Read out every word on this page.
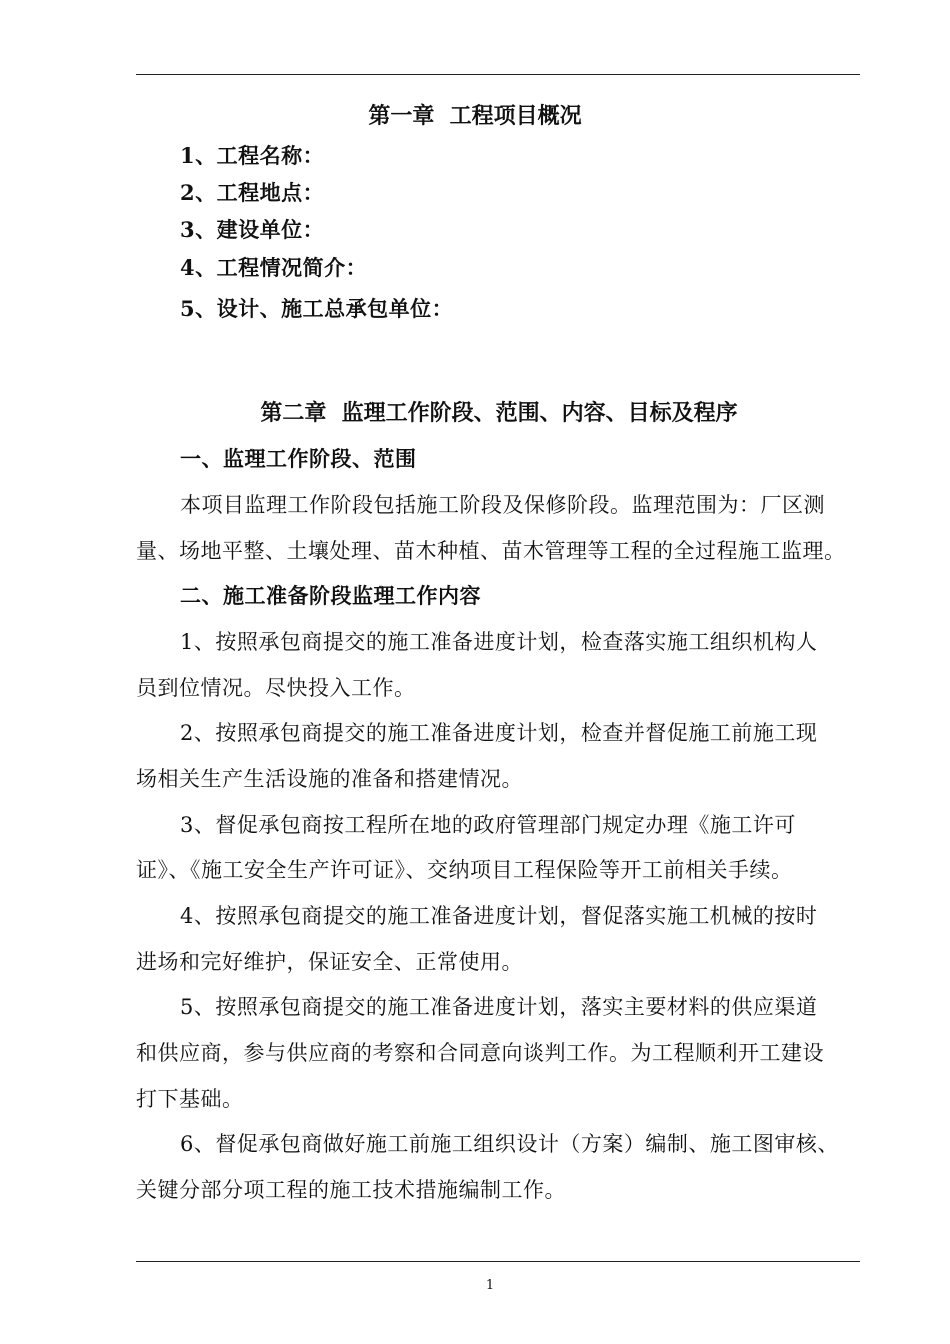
第一章  工程项目概况
1、工程名称：
2、工程地点：
3、建设单位：
4、工程情况简介：
5、设计、施工总承包单位：
第二章  监理工作阶段、范围、内容、目标及程序
一、监理工作阶段、范围
本项目监理工作阶段包括施工阶段及保修阶段。监理范围为：厂区测
量、场地平整、土壤处理、苗木种植、苗木管理等工程的全过程施工监理。
二、施工准备阶段监理工作内容
1、按照承包商提交的施工准备进度计划，检查落实施工组织机构人
员到位情况。尽快投入工作。
2、按照承包商提交的施工准备进度计划，检查并督促施工前施工现
场相关生产生活设施的准备和搭建情况。
3、督促承包商按工程所在地的政府管理部门规定办理《施工许可
证》、《施工安全生产许可证》、交纳项目工程保险等开工前相关手续。
4、按照承包商提交的施工准备进度计划，督促落实施工机械的按时
进场和完好维护，保证安全、正常使用。
5、按照承包商提交的施工准备进度计划，落实主要材料的供应渠道
和供应商，参与供应商的考察和合同意向谈判工作。为工程顺利开工建设
打下基础。
6、督促承包商做好施工前施工组织设计（方案）编制、施工图审核、
关键分部分项工程的施工技术措施编制工作。
1
